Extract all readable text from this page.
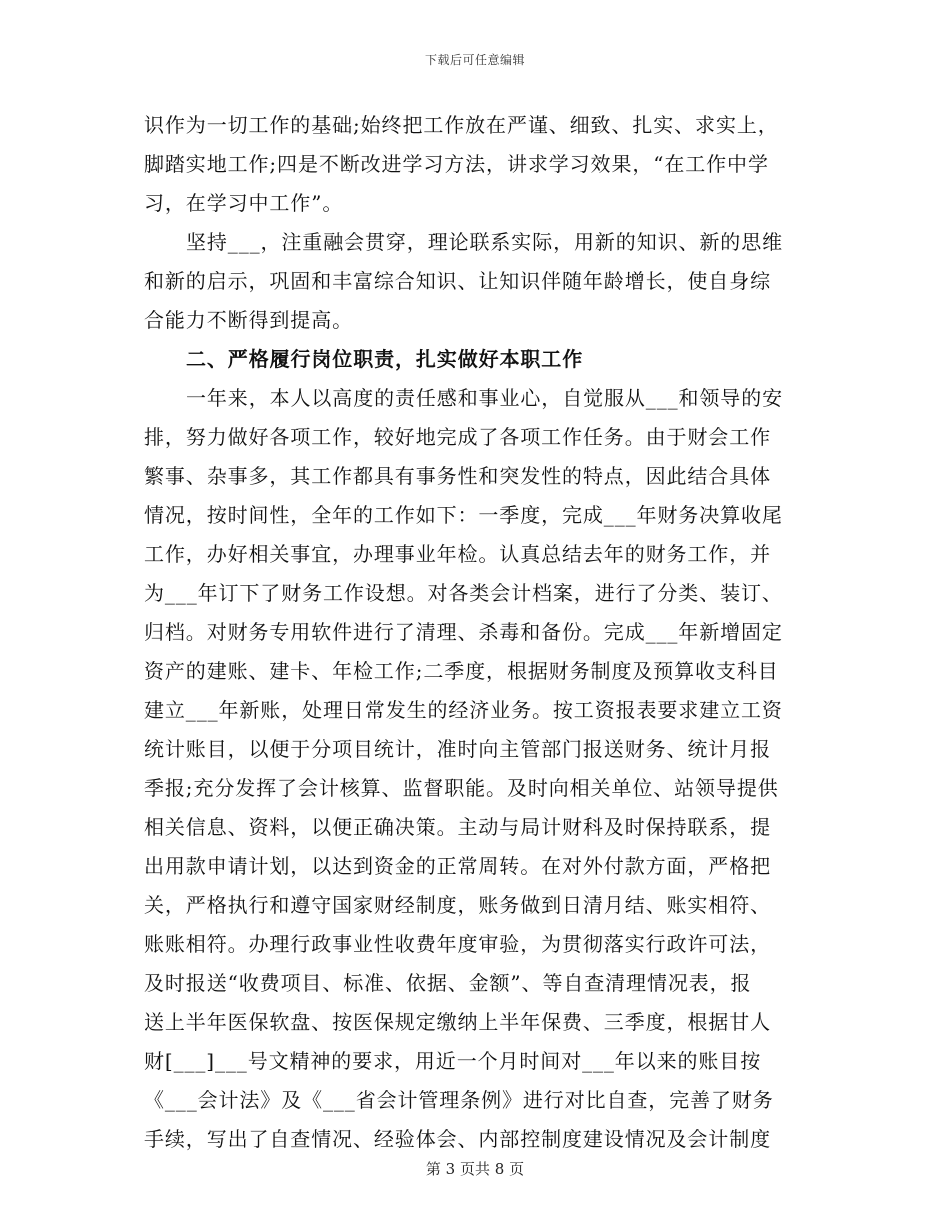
下载后可任意编辑
识作为一切工作的基础;始终把工作放在严谨、细致、扎实、求实上，
脚踏实地工作;四是不断改进学习方法，讲求学习效果，“在工作中学
习，在学习中工作”。
坚持___，注重融会贯穿，理论联系实际，用新的知识、新的思维
和新的启示，巩固和丰富综合知识、让知识伴随年龄增长，使自身综
合能力不断得到提高。
二、严格履行岗位职责，扎实做好本职工作
一年来，本人以高度的责任感和事业心，自觉服从___和领导的安
排，努力做好各项工作，较好地完成了各项工作任务。由于财会工作
繁事、杂事多，其工作都具有事务性和突发性的特点，因此结合具体
情况，按时间性，全年的工作如下：一季度，完成___年财务决算收尾
工作，办好相关事宜，办理事业年检。认真总结去年的财务工作，并
为___年订下了财务工作设想。对各类会计档案，进行了分类、装订、
归档。对财务专用软件进行了清理、杀毒和备份。完成___年新增固定
资产的建账、建卡、年检工作;二季度，根据财务制度及预算收支科目
建立___年新账，处理日常发生的经济业务。按工资报表要求建立工资
统计账目，以便于分项目统计，准时向主管部门报送财务、统计月报
季报;充分发挥了会计核算、监督职能。及时向相关单位、站领导提供
相关信息、资料，以便正确决策。主动与局计财科及时保持联系，提
出用款申请计划，以达到资金的正常周转。在对外付款方面，严格把
关，严格执行和遵守国家财经制度，账务做到日清月结、账实相符、
账账相符。办理行政事业性收费年度审验，为贯彻落实行政许可法，
及时报送“收费项目、标准、依据、金额”、等自查清理情况表，报
送上半年医保软盘、按医保规定缴纳上半年保费、三季度，根据甘人
财[___]___号文精神的要求，用近一个月时间对___年以来的账目按
《___会计法》及《___省会计管理条例》进行对比自查，完善了财务
手续，写出了自查情况、经验体会、内部控制度建设情况及会计制度
第 3 页共 8 页
